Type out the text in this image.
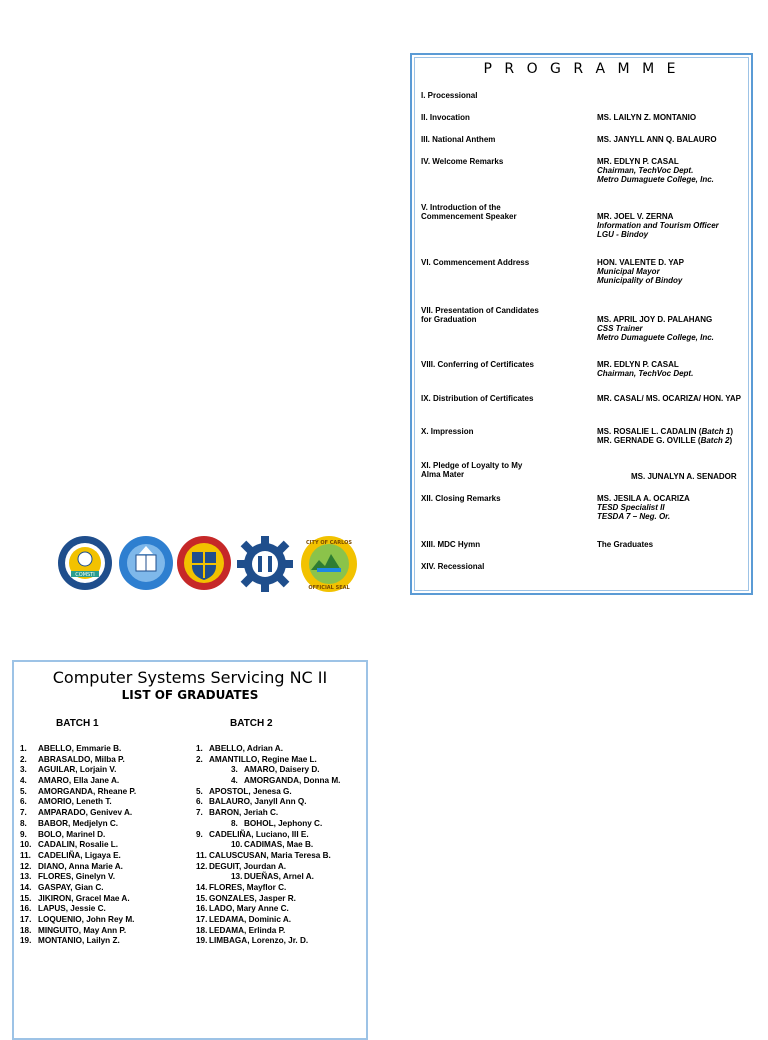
P R O G R A M M E
I. Processional
II. Invocation	MS. LAILYN Z. MONTANIO
III. National Anthem	MS. JANYLL ANN Q. BALAURO
IV. Welcome Remarks	MR. EDLYN P. CASAL
Chairman, TechVoc Dept.
Metro Dumaguete College, Inc.
V. Introduction of the
Commencement Speaker	MR. JOEL V. ZERNA
Information and Tourism Officer
LGU - Bindoy
VI. Commencement Address	HON. VALENTE D. YAP
Municipal Mayor
Municipality of Bindoy
VII. Presentation of Candidates
for Graduation	MS. APRIL JOY D. PALAHANG
CSS Trainer
Metro Dumaguete College, Inc.
VIII. Conferring of Certificates	MR. EDLYN P. CASAL
Chairman, TechVoc Dept.
IX. Distribution of Certificates	MR. CASAL/ MS. OCARIZA/ HON. YAP
X. Impression	MS. ROSALIE L. CADALIN (Batch 1)
MR. GERNADE G. OVILLE (Batch 2)
XI. Pledge of Loyalty to My
Alma Mater	MS. JUNALYN A. SENADOR
XII. Closing Remarks	MS. JESILA A. OCARIZA
TESD Specialist II
TESDA 7 – Neg. Or.
XIII. MDC Hymn	The Graduates
XIV. Recessional
COMSTI
CITY OF CARLOS
OFFICIAL SEAL
Computer Systems Servicing NC II
LIST OF GRADUATES
BATCH 1	BATCH 2
1. ABELLO, Emmarie B.
2. ABRASALDO, Milba P.
3. AGUILAR, Lorjain V.
4. AMARO, Ella Jane A.
5. AMORGANDA, Rheane P.
6. AMORIO, Leneth T.
7. AMPARADO, Genivev A.
8. BABOR, Medjelyn C.
9. BOLO, Marinel D.
10. CADALIN, Rosalie L.
11. CADELIÑA, Ligaya E.
12. DIANO, Anna Marie A.
13. FLORES, Ginelyn V.
14. GASPAY, Gian C.
15. JIKIRON, Gracel Mae A.
16. LAPUS, Jessie C.
17. LOQUENIO, John Rey M.
18. MINGUITO, May Ann P.
19. MONTANIO, Lailyn Z.
1. ABELLO, Adrian A.
2. AMANTILLO, Regine Mae L.
3. AMARO, Daisery D.
4. AMORGANDA, Donna M.
5. APOSTOL, Jenesa G.
6. BALAURO, Janyll Ann Q.
7. BARON, Jeriah C.
8. BOHOL, Jephony C.
9. CADELIÑA, Luciano, III E.
10. CADIMAS, Mae B.
11. CALUSCUSAN, Maria Teresa B.
12. DEGUIT, Jourdan A.
13. DUEÑAS, Arnel A.
14. FLORES, Mayflor C.
15. GONZALES, Jasper R.
16. LADO, Mary Anne C.
17. LEDAMA, Dominic A.
18. LEDAMA, Erlinda P.
19. LIMBAGA, Lorenzo, Jr. D.
